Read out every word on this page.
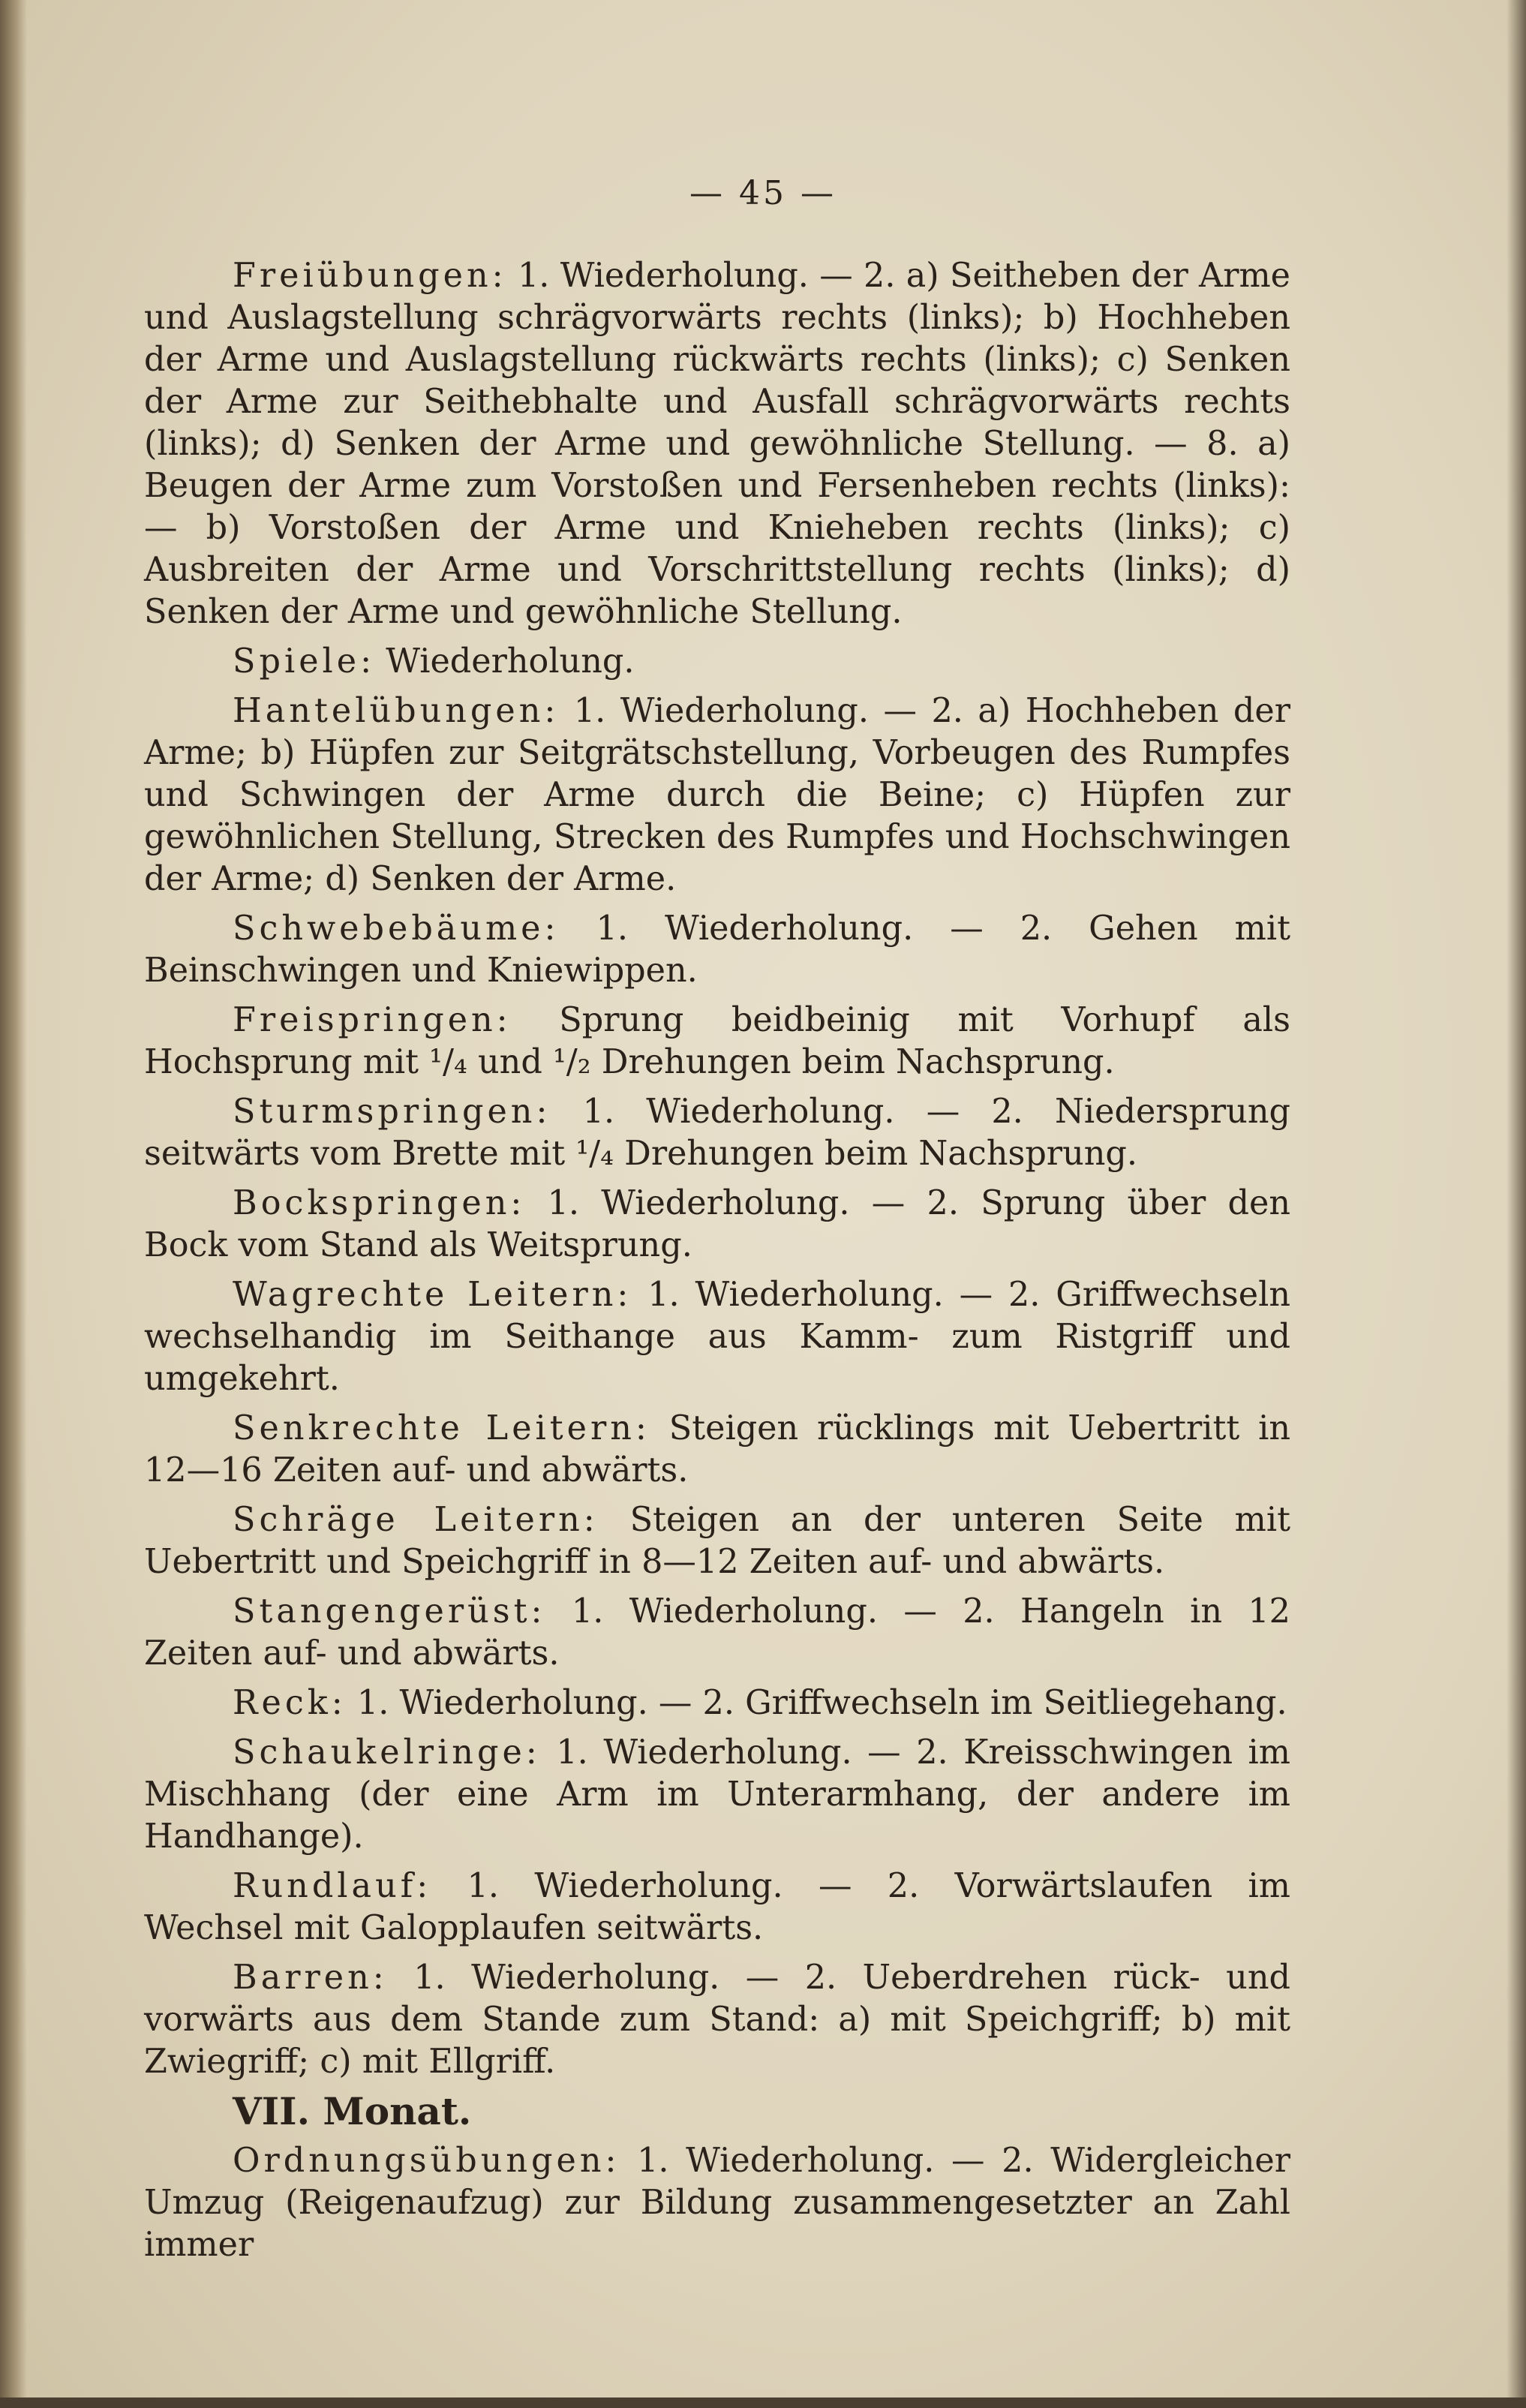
— 45 —

Freiübungen: 1. Wiederholung. — 2. a) Seitheben der Arme und Auslagstellung schrägvorwärts rechts (links); b) Hochheben der Arme und Auslagstellung rückwärts rechts (links); c) Senken der Arme zur Seithebhalte und Ausfall schrägvorwärts rechts (links); d) Senken der Arme und gewöhnliche Stellung. — 8. a) Beugen der Arme zum Vorstoßen und Fersenheben rechts (links): — b) Vorstoßen der Arme und Knieheben rechts (links); c) Ausbreiten der Arme und Vorschrittstellung rechts (links); d) Senken der Arme und gewöhnliche Stellung.

Spiele: Wiederholung.

Hantelübungen: 1. Wiederholung. — 2. a) Hochheben der Arme; b) Hüpfen zur Seitgrätschstellung, Vorbeugen des Rumpfes und Schwingen der Arme durch die Beine; c) Hüpfen zur gewöhnlichen Stellung, Strecken des Rumpfes und Hochschwingen der Arme; d) Senken der Arme.

Schwebebäume: 1. Wiederholung. — 2. Gehen mit Beinschwingen und Kniewippen.

Freispringen: Sprung beidbeinig mit Vorhupf als Hochsprung mit ¹/₄ und ¹/₂ Drehungen beim Nachsprung.

Sturmspringen: 1. Wiederholung. — 2. Niedersprung seitwärts vom Brette mit ¹/₄ Drehungen beim Nachsprung.

Bockspringen: 1. Wiederholung. — 2. Sprung über den Bock vom Stand als Weitsprung.

Wagrechte Leitern: 1. Wiederholung. — 2. Griffwechseln wechselhandig im Seithange aus Kamm- zum Ristgriff und umgekehrt.

Senkrechte Leitern: Steigen rücklings mit Uebertritt in 12—16 Zeiten auf- und abwärts.

Schräge Leitern: Steigen an der unteren Seite mit Uebertritt und Speichgriff in 8—12 Zeiten auf- und abwärts.

Stangengerüst: 1. Wiederholung. — 2. Hangeln in 12 Zeiten auf- und abwärts.

Reck: 1. Wiederholung. — 2. Griffwechseln im Seitliegehang.

Schaukelringe: 1. Wiederholung. — 2. Kreisschwingen im Mischhang (der eine Arm im Unterarmhang, der andere im Handhange).

Rundlauf: 1. Wiederholung. — 2. Vorwärtslaufen im Wechsel mit Galopplaufen seitwärts.

Barren: 1. Wiederholung. — 2. Ueberdrehen rück- und vorwärts aus dem Stande zum Stand: a) mit Speichgriff; b) mit Zwiegriff; c) mit Ellgriff.

VII. Monat.

Ordnungsübungen: 1. Wiederholung. — 2. Widergleicher Umzug (Reigenaufzug) zur Bildung zusammengesetzter an Zahl immer
